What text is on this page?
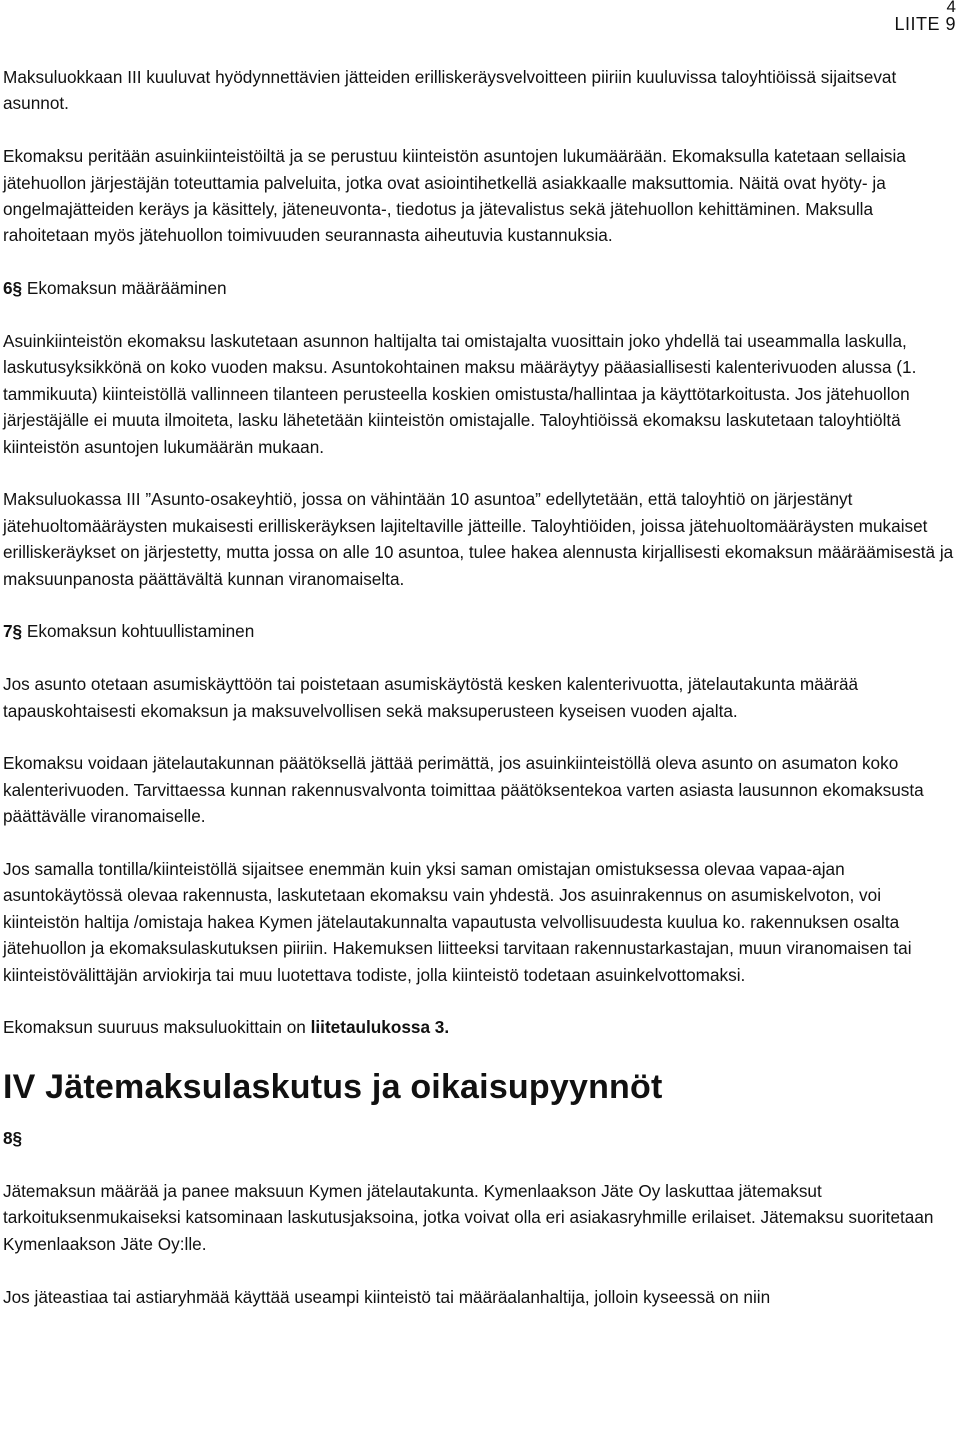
4
LIITE 9

Maksuluokkaan III kuuluvat hyödynnettävien jätteiden erilliskeräysvelvoitteen piiriin kuuluvissa taloyhtiöissä sijaitsevat asunnot.

Ekomaksu peritään asuinkiinteistöiltä ja se perustuu kiinteistön asuntojen lukumäärään. Ekomaksulla katetaan sellaisia jätehuollon järjestäjän toteuttamia palveluita, jotka ovat asiointihetkellä asiakkaalle maksuttomia. Näitä ovat hyöty- ja ongelmajätteiden keräys ja käsittely, jäteneuvonta-, tiedotus ja jätevalistus sekä jätehuollon kehittäminen. Maksulla rahoitetaan myös jätehuollon toimivuuden seurannasta aiheutuvia kustannuksia.

6§ Ekomaksun määrääminen

Asuinkiinteistön ekomaksu laskutetaan asunnon haltijalta tai omistajalta vuosittain joko yhdellä tai useammalla laskulla, laskutusyksikkönä on koko vuoden maksu. Asuntokohtainen maksu määräytyy pääasiallisesti kalenterivuoden alussa (1. tammikuuta) kiinteistöllä vallinneen tilanteen perusteella koskien omistusta/hallintaa ja käyttötarkoitusta. Jos jätehuollon järjestäjälle ei muuta ilmoiteta, lasku lähetetään kiinteistön omistajalle. Taloyhtiöissä ekomaksu laskutetaan taloyhtiöltä kiinteistön asuntojen lukumäärän mukaan.

Maksuluokassa III ”Asunto-osakeyhtiö, jossa on vähintään 10 asuntoa” edellytetään, että taloyhtiö on järjestänyt jätehuoltomääräysten mukaisesti erilliskeräyksen lajiteltaville jätteille. Taloyhtiöiden, joissa jätehuoltomääräysten mukaiset erilliskeräykset on järjestetty, mutta jossa on alle 10 asuntoa, tulee hakea alennusta kirjallisesti ekomaksun määräämisestä ja maksuunpanosta päättävältä kunnan viranomaiselta.

7§ Ekomaksun kohtuullistaminen

Jos asunto otetaan asumiskäyttöön tai poistetaan asumiskäytöstä kesken kalenterivuotta, jätelautakunta määrää tapauskohtaisesti ekomaksun ja maksuvelvollisen sekä maksuperusteen kyseisen vuoden ajalta.

Ekomaksu voidaan jätelautakunnan päätöksellä jättää perimättä, jos asuinkiinteistöllä oleva asunto on asumaton koko kalenterivuoden. Tarvittaessa kunnan rakennusvalvonta toimittaa päätöksentekoa varten asiasta lausunnon ekomaksusta päättävälle viranomaiselle.

Jos samalla tontilla/kiinteistöllä sijaitsee enemmän kuin yksi saman omistajan omistuksessa olevaa vapaa-ajan asuntokäytössä olevaa rakennusta, laskutetaan ekomaksu vain yhdestä. Jos asuinrakennus on asumiskelvoton, voi kiinteistön haltija /omistaja hakea Kymen jätelautakunnalta vapautusta velvollisuudesta kuulua ko. rakennuksen osalta jätehuollon ja ekomaksulaskutuksen piiriin. Hakemuksen liitteeksi tarvitaan rakennustarkastajan, muun viranomaisen tai kiinteistövälittäjän arviokirja tai muu luotettava todiste, jolla kiinteistö todetaan asuinkelvottomaksi.

Ekomaksun suuruus maksuluokittain on liitetaulukossa 3.

IV Jätemaksulaskutus ja oikaisupyynnöt

8§

Jätemaksun määrää ja panee maksuun Kymen jätelautakunta. Kymenlaakson Jäte Oy laskuttaa jätemaksut tarkoituksenmukaiseksi katsominaan laskutusjaksoina, jotka voivat olla eri asiakasryhmille erilaiset. Jätemaksu suoritetaan Kymenlaakson Jäte Oy:lle.

Jos jäteastiaa tai astiaryhmää käyttää useampi kiinteistö tai määräalanhaltija, jolloin kyseessä on niin
